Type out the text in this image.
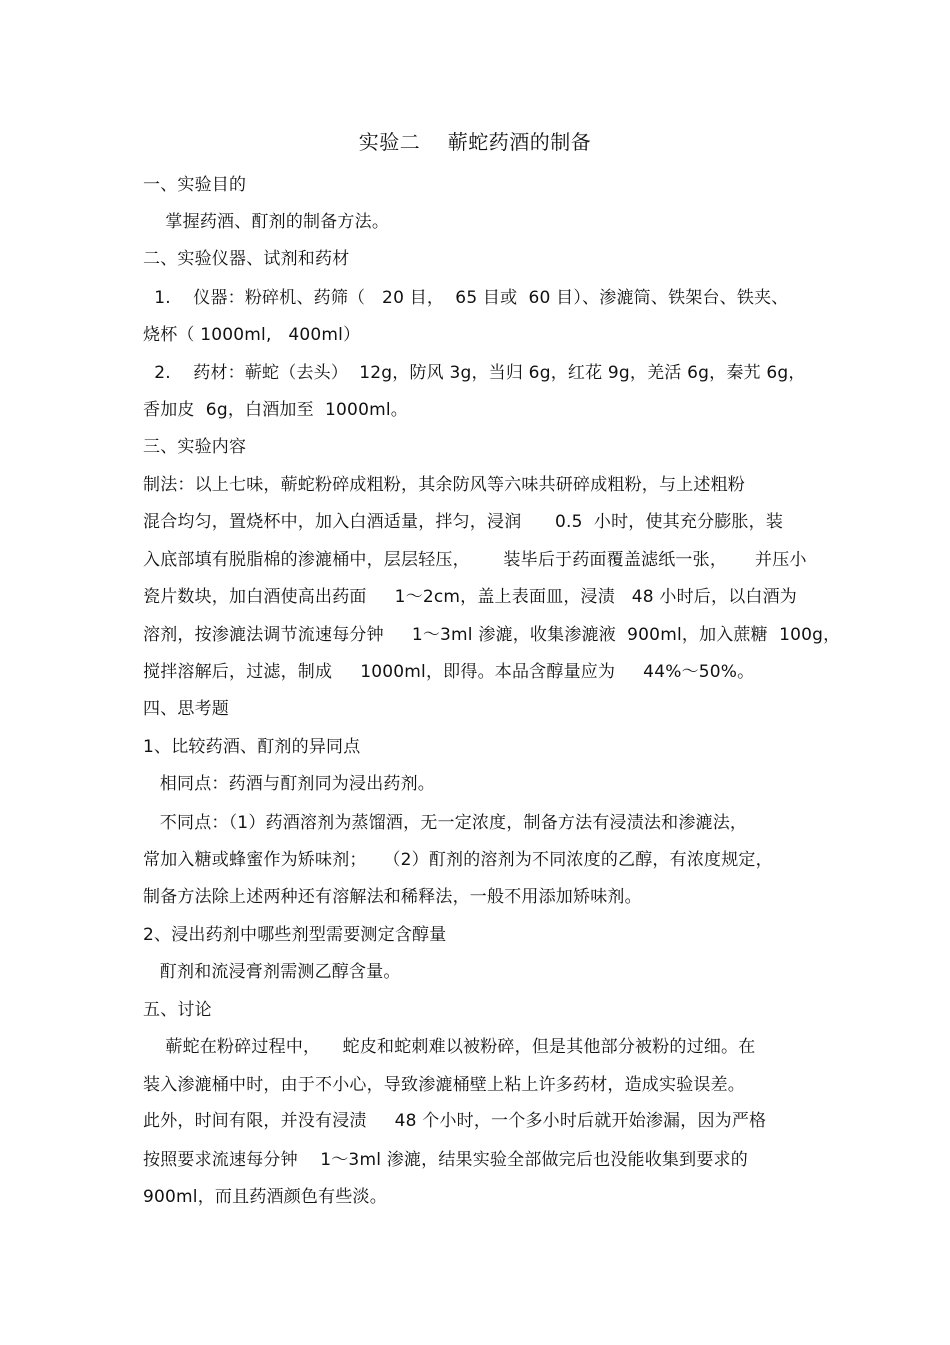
实验二    蕲蛇药酒的制备
一、实验目的
掌握药酒、酊剂的制备方法。
二、实验仪器、试剂和药材
1.    仪器：粉碎机、药筛（   20 目，  65 目或  60 目）、渗漉筒、铁架台、铁夹、
烧杯（ 1000ml,   400ml）
2.    药材：蕲蛇（去头）  12g，防风 3g，当归 6g，红花 9g，羌活 6g，秦艽 6g，
香加皮  6g，白酒加至  1000ml。
三、实验内容
制法：以上七味，蕲蛇粉碎成粗粉，其余防风等六味共研碎成粗粉，与上述粗粉
混合均匀，置烧杯中，加入白酒适量，拌匀，浸润      0.5  小时，使其充分膨胀，装
入底部填有脱脂棉的渗漉桶中，层层轻压，      装毕后于药面覆盖滤纸一张，     并压小
瓷片数块，加白酒使高出药面     1～2cm，盖上表面皿，浸渍   48 小时后，以白酒为
溶剂，按渗漉法调节流速每分钟     1～3ml 渗漉，收集渗漉液  900ml，加入蔗糖  100g，
搅拌溶解后，过滤，制成     1000ml，即得。本品含醇量应为     44%～50%。
四、思考题
1、比较药酒、酊剂的异同点
相同点：药酒与酊剂同为浸出药剂。
不同点：（1）药酒溶剂为蒸馏酒，无一定浓度，制备方法有浸渍法和渗漉法，
常加入糖或蜂蜜作为矫味剂；   （2）酊剂的溶剂为不同浓度的乙醇，有浓度规定，
制备方法除上述两种还有溶解法和稀释法，一般不用添加矫味剂。
2、浸出药剂中哪些剂型需要测定含醇量
酊剂和流浸膏剂需测乙醇含量。
五、讨论
蕲蛇在粉碎过程中，    蛇皮和蛇刺难以被粉碎，但是其他部分被粉的过细。在
装入渗漉桶中时，由于不小心，导致渗漉桶壁上粘上许多药材，造成实验误差。
此外，时间有限，并没有浸渍     48 个小时，一个多小时后就开始渗漏，因为严格
按照要求流速每分钟    1～3ml 渗漉，结果实验全部做完后也没能收集到要求的
900ml，而且药酒颜色有些淡。
